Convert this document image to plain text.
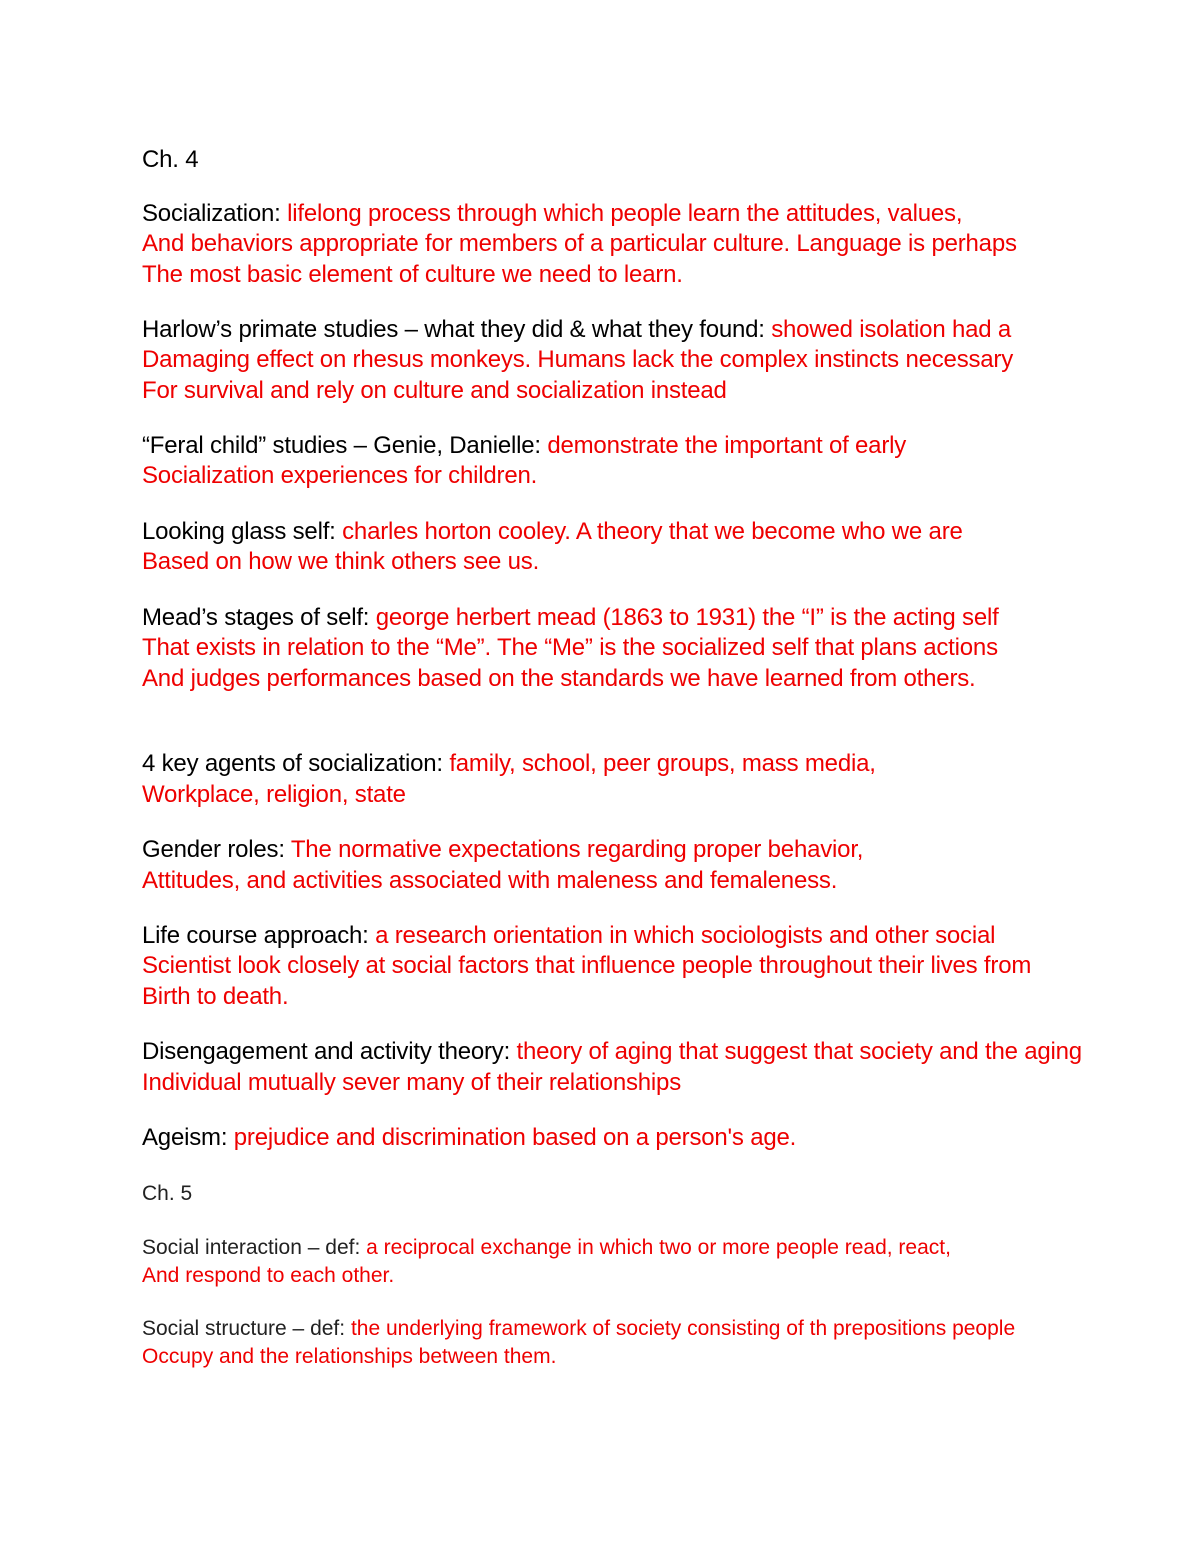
Ch. 4

Socialization: lifelong process through which people learn the attitudes, values,

And behaviors appropriate for members of a particular culture. Language is perhaps

The most basic element of culture we need to learn.

Harlow’s primate studies – what they did & what they found: showed isolation had a

Damaging effect on rhesus monkeys. Humans lack the complex instincts necessary

For survival and rely on culture and socialization instead

“Feral child” studies – Genie, Danielle: demonstrate the important of early

Socialization experiences for children.

Looking glass self: charles horton cooley. A theory that we become who we are

Based on how we think others see us.

Mead’s stages of self: george herbert mead (1863 to 1931) the “I” is the acting self

That exists in relation to the “Me”. The “Me” is the socialized self that plans actions

And judges performances based on the standards we have learned from others.

4 key agents of socialization: family, school, peer groups, mass media,

Workplace, religion, state

Gender roles: The normative expectations regarding proper behavior,

Attitudes, and activities associated with maleness and femaleness.

Life course approach: a research orientation in which sociologists and other social

Scientist look closely at social factors that influence people throughout their lives from

Birth to death.

Disengagement and activity theory: theory of aging that suggest that society and the aging

Individual mutually sever many of their relationships

Ageism: prejudice and discrimination based on a person's age.

Ch. 5

Social interaction – def: a reciprocal exchange in which two or more people read, react,

And respond to each other.

Social structure – def: the underlying framework of society consisting of th prepositions people

Occupy and the relationships between them.
